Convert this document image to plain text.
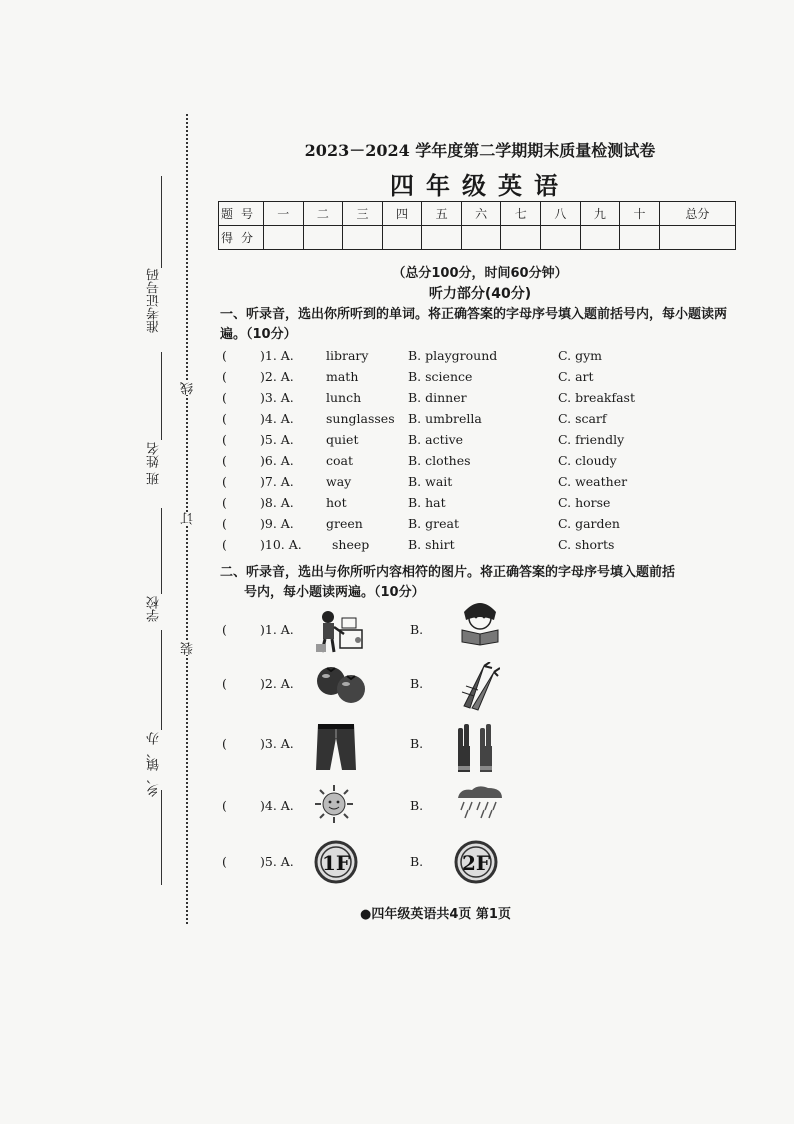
准考证号码
班 姓名
学校
乡、镇、办
线
订
装
2023－2024 学年度第二学期期末质量检测试卷
四年级英语
题号	一	二	三	四	五	六	七	八	九	十	总分
得分											
（总分100分，时间60分钟）
听力部分(40分)
一、听录音，选出你所听到的单词。将正确答案的字母序号填入题前括号内，每小题读两遍。（10分）
(	)1. A.	library	B. playground	C. gym
(	)2. A.	math	B. science	C. art
(	)3. A.	lunch	B. dinner	C. breakfast
(	)4. A.	sunglasses B. umbrella	C. scarf
(	)5. A.	quiet	B. active	C. friendly
(	)6. A.	coat	B. clothes	C. cloudy
(	)7. A.	way	B. wait	C. weather
(	)8. A.	hot	B. hat	C. horse
(	)9. A.	green	B. great	C. garden
(	)10. A. sheep	B. shirt	C. shorts
二、听录音，选出与你所听内容相符的图片。将正确答案的字母序号填入题前括
号内，每小题读两遍。（10分）
(	)1. A.	B.
(	)2. A.	B.
(	)3. A.	B.
(	)4. A.	B.
(	)5. A. 1F	B. 2F
●四年级英语共4页 第1页
